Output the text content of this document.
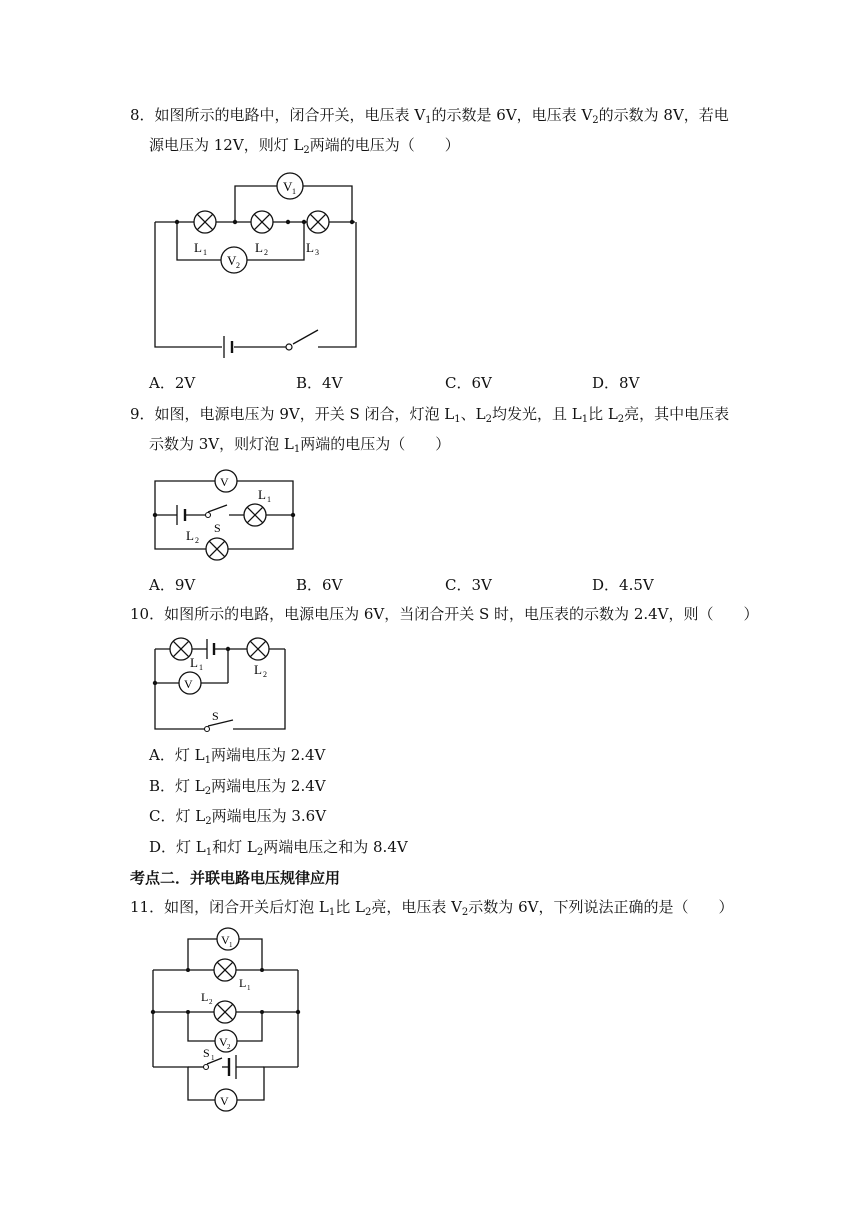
8．如图所示的电路中，闭合开关，电压表 $V_1$的示数是 6V，电压表 $V_2$的示数为 8V，若电
源电压为 12V，则灯 $L_2$两端的电压为（　　）
V 1
V 2
L 1	L 2	L 3
A．2V	B．4V	C．6V	D．8V
9．如图，电源电压为 9V，开关 S 闭合，灯泡 $L_1$、$L_2$均发光，且 $L_1$比 $L_2$亮，其中电压表
示数为 3V，则灯泡 $L_1$两端的电压为（　　）
V
L 1
S
L 2
A．9V	B．6V	C．3V	D．4.5V
10．如图所示的电路，电源电压为 6V，当闭合开关 S 时，电压表的示数为 2.4V，则（　　）
V
L 1	L 2
S
A．灯 $L_1$两端电压为 2.4V
B．灯 $L_2$两端电压为 2.4V
C．灯 $L_2$两端电压为 3.6V
D．灯 $L_1$和灯 $L_2$两端电压之和为 8.4V
考点二．并联电路电压规律应用
11．如图，闭合开关后灯泡 $L_1$比 $L_2$亮，电压表 $V_2$示数为 6V，下列说法正确的是（　　）
V 1
V 2
V
L 1
L 2
S 1
